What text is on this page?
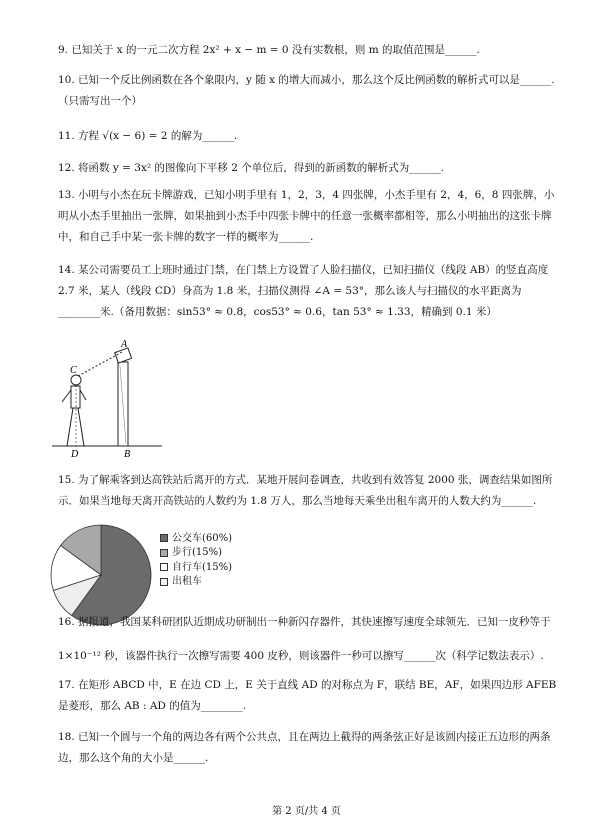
9. 已知关于 x 的一元二次方程 2x² + x − m = 0 没有实数根，则 m 的取值范围是______.

10. 已知一个反比例函数在各个象限内，y 随 x 的增大而减小，那么这个反比例函数的解析式可以是______.（只需写出一个）

11. 方程 √(x − 6) = 2 的解为______.

12. 将函数 y = 3x² 的图像向下平移 2 个单位后，得到的新函数的解析式为______.

13. 小明与小杰在玩卡牌游戏，已知小明手里有 1，2，3，4 四张牌，小杰手里有 2，4，6，8 四张牌，小明从小杰手里抽出一张牌，如果抽到小杰手中四张卡牌中的任意一张概率都相等，那么小明抽出的这张卡牌中，和自己手中某一张卡牌的数字一样的概率为______.

14. 某公司需要员工上班时通过门禁，在门禁上方设置了人脸扫描仪，已知扫描仪（线段 AB）的竖直高度 2.7 米，某人（线段 CD）身高为 1.8 米，扫描仪测得 ∠A = 53°，那么该人与扫描仪的水平距离为________米.（备用数据：sin53° ≈ 0.8，cos53° ≈ 0.6，tan 53° ≈ 1.33，精确到 0.1 米）

A
B
C
D

15. 为了解乘客到达高铁站后离开的方式．某地开展问卷调查，共收到有效答复 2000 张，调查结果如图所示．如果当地每天离开高铁站的人数约为 1.8 万人，那么当地每天乘坐出租车离开的人数大约为______.

公交车(60%)
步行(15%)
自行车(15%)
出租车

16. 据报道，我国某科研团队近期成功研制出一种新闪存器件，其快速擦写速度全球领先．已知一皮秒等于

1×10⁻¹² 秒，该器件执行一次擦写需要 400 皮秒，则该器件一秒可以擦写______次（科学记数法表示）.

17. 在矩形 ABCD 中，E 在边 CD 上，E 关于直线 AD 的对称点为 F，联结 BE，AF，如果四边形 AFEB 是菱形，那么 AB : AD 的值为________.

18. 已知一个圆与一个角的两边各有两个公共点，且在两边上截得的两条弦正好是该圆内接正五边形的两条边，那么这个角的大小是______.

第 2 页/共 4 页
